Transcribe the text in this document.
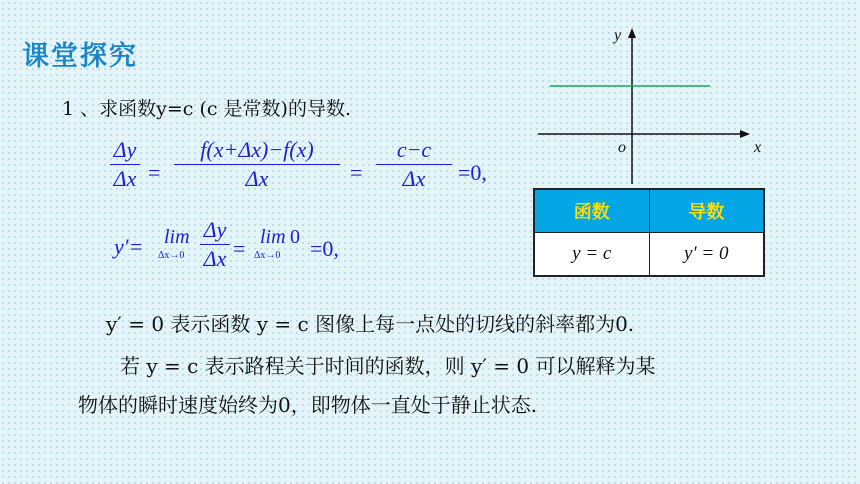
课堂探究
1 、求函数y=c (c 是常数)的导数.
Δy
Δx =
f(x+Δx)−f(x)
Δx	=
c−c
Δx	=0,
y′= lim
Δx→0
Δy
Δx = lim 0
Δx→0 =0,
y
x
o
函数	导数
y = c	y′ = 0
y′ = 0 表示函数 y = c 图像上每一点处的切线的斜率都为0.
若 y = c 表示路程关于时间的函数，则 y′ = 0 可以解释为某
物体的瞬时速度始终为0，即物体一直处于静止状态.
